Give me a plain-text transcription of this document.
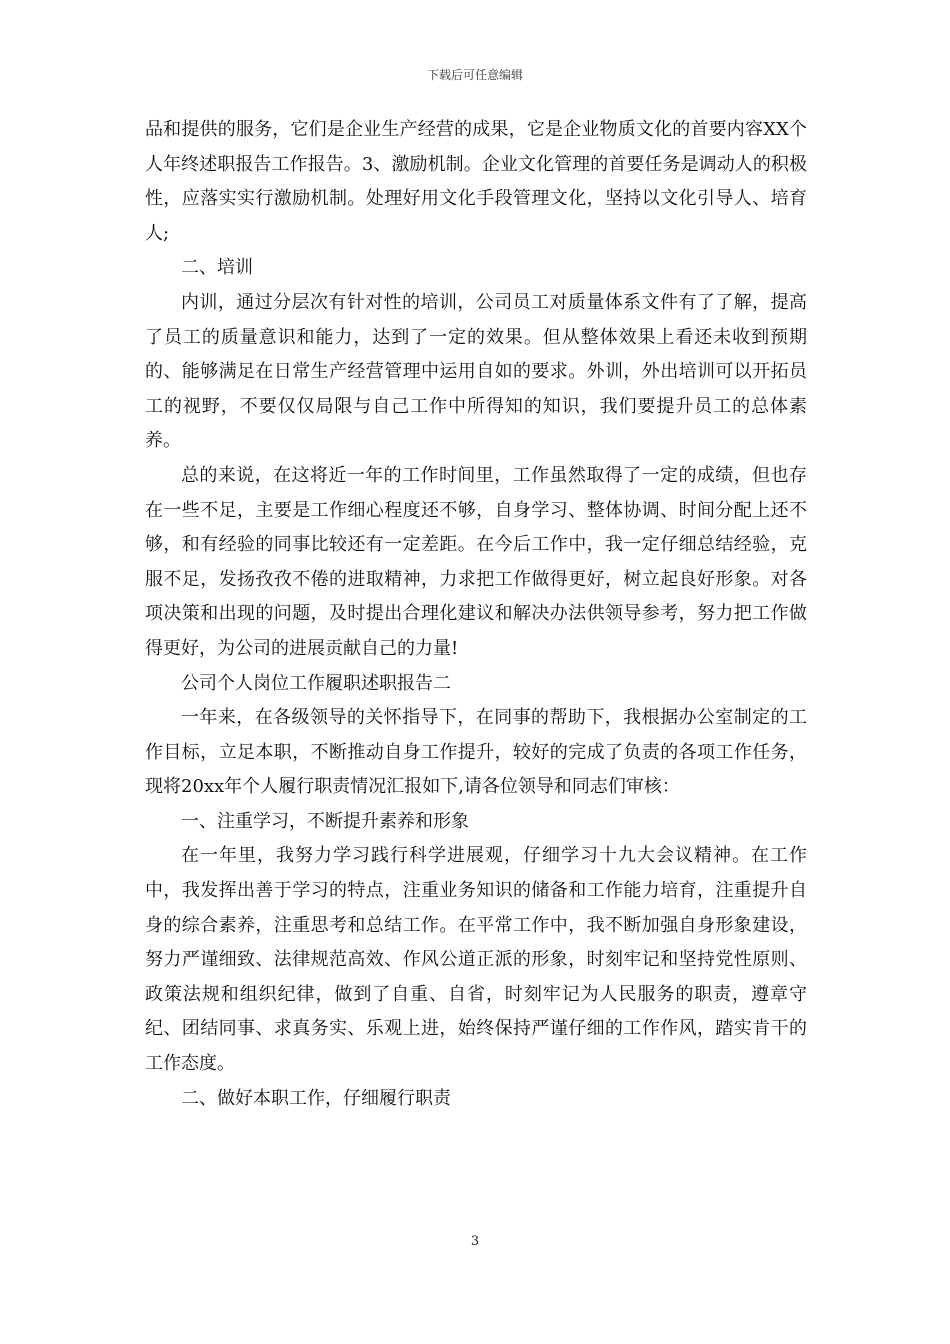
下载后可任意编辑

品和提供的服务，它们是企业生产经营的成果，它是企业物质文化的首要内容XX个人年终述职报告工作报告。3、激励机制。企业文化管理的首要任务是调动人的积极性，应落实实行激励机制。处理好用文化手段管理文化，坚持以文化引导人、培育人;

二、培训

内训，通过分层次有针对性的培训，公司员工对质量体系文件有了了解，提高了员工的质量意识和能力，达到了一定的效果。但从整体效果上看还未收到预期的、能够满足在日常生产经营管理中运用自如的要求。外训，外出培训可以开拓员工的视野，不要仅仅局限与自己工作中所得知的知识，我们要提升员工的总体素养。

总的来说，在这将近一年的工作时间里，工作虽然取得了一定的成绩，但也存在一些不足，主要是工作细心程度还不够，自身学习、整体协调、时间分配上还不够，和有经验的同事比较还有一定差距。在今后工作中，我一定仔细总结经验，克服不足，发扬孜孜不倦的进取精神，力求把工作做得更好，树立起良好形象。对各项决策和出现的问题，及时提出合理化建议和解决办法供领导参考，努力把工作做得更好，为公司的进展贡献自己的力量!

公司个人岗位工作履职述职报告二

一年来，在各级领导的关怀指导下，在同事的帮助下，我根据办公室制定的工作目标，立足本职，不断推动自身工作提升，较好的完成了负责的各项工作任务，现将20xx年个人履行职责情况汇报如下,请各位领导和同志们审核：

一、注重学习，不断提升素养和形象

在一年里，我努力学习践行科学进展观，仔细学习十九大会议精神。在工作中，我发挥出善于学习的特点，注重业务知识的储备和工作能力培育，注重提升自身的综合素养，注重思考和总结工作。在平常工作中，我不断加强自身形象建设，努力严谨细致、法律规范高效、作风公道正派的形象，时刻牢记和坚持党性原则、政策法规和组织纪律，做到了自重、自省，时刻牢记为人民服务的职责，遵章守纪、团结同事、求真务实、乐观上进，始终保持严谨仔细的工作作风，踏实肯干的工作态度。

二、做好本职工作，仔细履行职责

3
